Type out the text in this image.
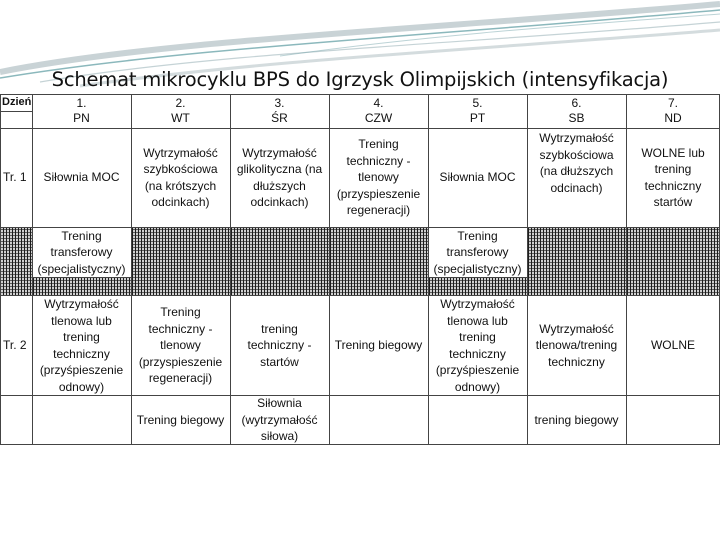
Schemat mikrocyklu BPS do Igrzysk Olimpijskich (intensyfikacja)
Dzień	1.
PN
2.
WT
3.
ŚR
4.
CZW
5.
PT
6.
SB
7.
ND
Tr. 1	Siłownia MOC
Wytrzymałość szybkościowa (na krótszych odcinkach)
Wytrzymałość glikolityczna (na dłuższych odcinkach)
Trening techniczny - tlenowy (przyspieszenie regeneracji)
Siłownia MOC
Wytrzymałość szybkościowa (na dłuższych odcinach)
WOLNE lub trening techniczny startów
Trening transferowy (specjalistyczny)
Trening transferowy (specjalistyczny)
Tr. 2
Wytrzymałość tlenowa lub trening techniczny (przyśpieszenie odnowy)
Trening techniczny - tlenowy (przyspieszenie regeneracji)
trening techniczny - startów
Trening biegowy
Wytrzymałość tlenowa lub trening techniczny (przyśpieszenie odnowy)
Wytrzymałość tlenowa/trening techniczny
WOLNE
Trening biegowy
Siłownia (wytrzymałość siłowa)
trening biegowy
